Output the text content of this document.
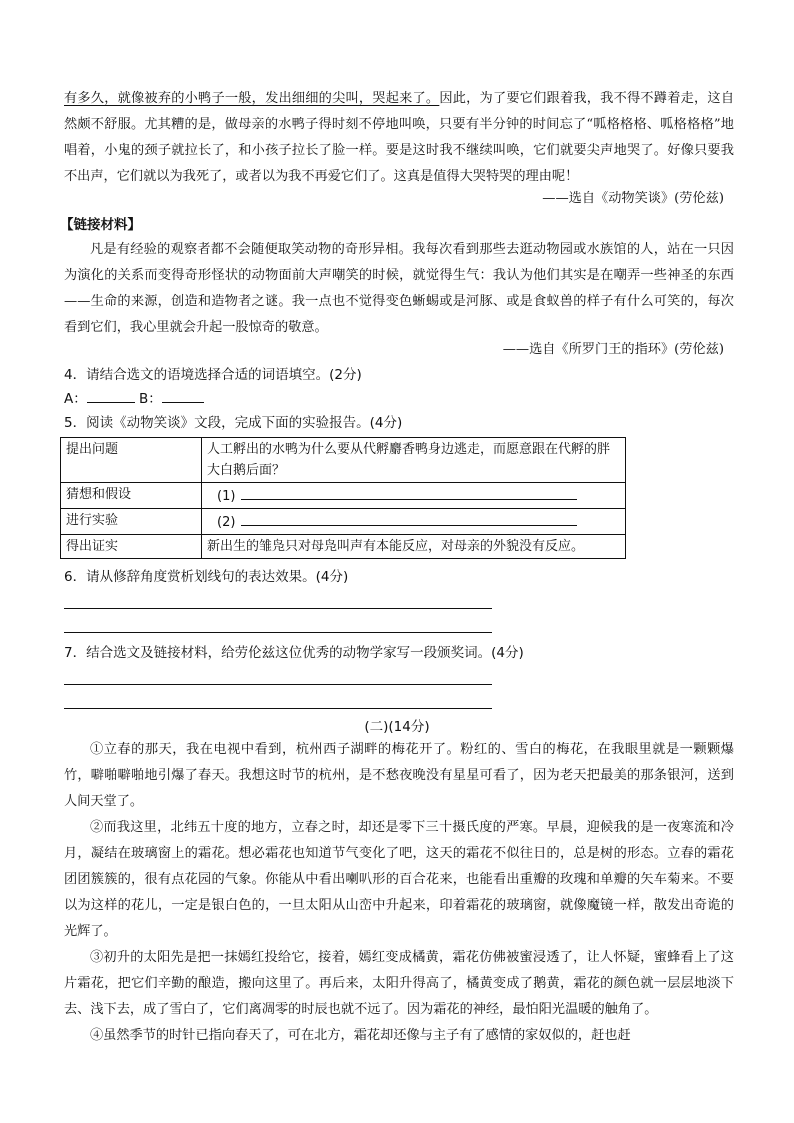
有多久，就像被弃的小鸭子一般，发出细细的尖叫，哭起来了。因此，为了要它们跟着我，我不得不蹲着走，这自然颇不舒服。尤其糟的是，做母亲的水鸭子得时刻不停地叫唤，只要有半分钟的时间忘了“呱格格格、呱格格格”地唱着，小鬼的颈子就拉长了，和小孩子拉长了脸一样。要是这时我不继续叫唤，它们就要尖声地哭了。好像只要我不出声，它们就以为我死了，或者以为我不再爱它们了。这真是值得大哭特哭的理由呢！

——选自《动物笑谈》(劳伦兹)

【链接材料】

凡是有经验的观察者都不会随便取笑动物的奇形异相。我每次看到那些去逛动物园或水族馆的人，站在一只因为演化的关系而变得奇形怪状的动物面前大声嘲笑的时候，就觉得生气：我认为他们其实是在嘲弄一些神圣的东西——生命的来源，创造和造物者之谜。我一点也不觉得变色蜥蜴或是河豚、或是食蚁兽的样子有什么可笑的，每次看到它们，我心里就会升起一股惊奇的敬意。

——选自《所罗门王的指环》(劳伦兹)

4．请结合选文的语境选择合适的词语填空。(2分)

A：	B：

5．阅读《动物笑谈》文段，完成下面的实验报告。(4分)

提出问题	人工孵出的水鸭为什么要从代孵麝香鸭身边逃走，而愿意跟在代孵的胖大白鹅后面？
猜想和假设	(1)
进行实验	(2)
得出证实	新出生的雏凫只对母凫叫声有本能反应，对母亲的外貌没有反应。

6．请从修辞角度赏析划线句的表达效果。(4分)

7．结合选文及链接材料，给劳伦兹这位优秀的动物学家写一段颁奖词。(4分)

(二)(14分)

①立春的那天，我在电视中看到，杭州西子湖畔的梅花开了。粉红的、雪白的梅花，在我眼里就是一颗颗爆竹，噼啪噼啪地引爆了春天。我想这时节的杭州，是不愁夜晚没有星星可看了，因为老天把最美的那条银河，送到人间天堂了。

②而我这里，北纬五十度的地方，立春之时，却还是零下三十摄氏度的严寒。早晨，迎候我的是一夜寒流和冷月，凝结在玻璃窗上的霜花。想必霜花也知道节气变化了吧，这天的霜花不似往日的，总是树的形态。立春的霜花团团簇簇的，很有点花园的气象。你能从中看出喇叭形的百合花来，也能看出重瓣的玫瑰和单瓣的矢车菊来。不要以为这样的花儿，一定是银白色的，一旦太阳从山峦中升起来，印着霜花的玻璃窗，就像魔镜一样，散发出奇诡的光辉了。

③初升的太阳先是把一抹嫣红投给它，接着，嫣红变成橘黄，霜花仿佛被蜜浸透了，让人怀疑，蜜蜂看上了这片霜花，把它们辛勤的酿造，搬向这里了。再后来，太阳升得高了，橘黄变成了鹅黄，霜花的颜色就一层层地淡下去、浅下去，成了雪白了，它们离凋零的时辰也就不远了。因为霜花的神经，最怕阳光温暖的触角了。

④虽然季节的时针已指向春天了，可在北方，霜花却还像与主子有了感情的家奴似的，赶也赶
